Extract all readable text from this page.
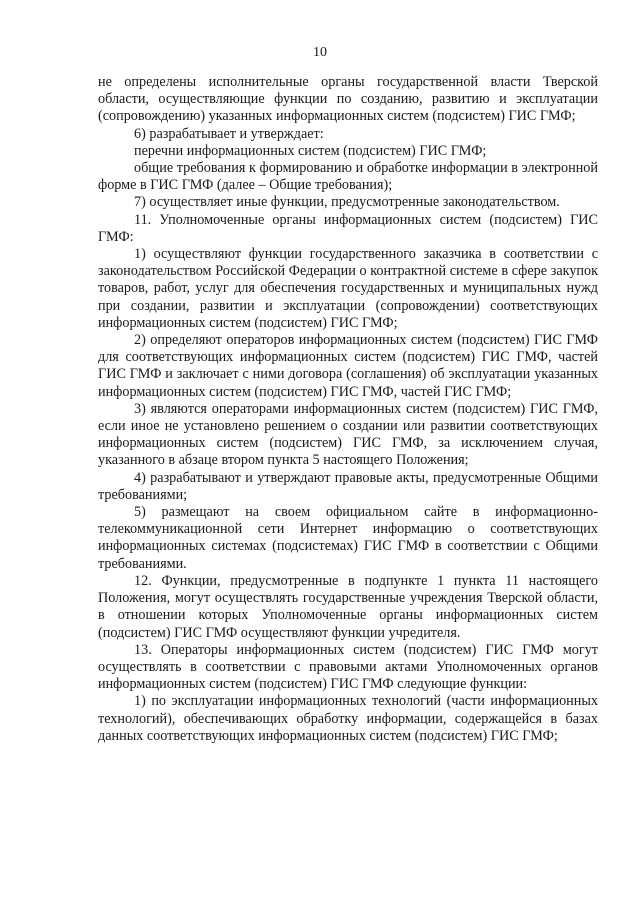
10

не определены исполнительные органы государственной власти Тверской области, осуществляющие функции по созданию, развитию и эксплуатации (сопровождению) указанных информационных систем (подсистем) ГИС ГМФ;

6) разрабатывает и утверждает:

перечни информационных систем (подсистем) ГИС ГМФ;

общие требования к формированию и обработке информации в электронной форме в ГИС ГМФ (далее – Общие требования);

7) осуществляет иные функции, предусмотренные законодательством.

11. Уполномоченные органы информационных систем (подсистем) ГИС ГМФ:

1) осуществляют функции государственного заказчика в соответствии с законодательством Российской Федерации о контрактной системе в сфере закупок товаров, работ, услуг для обеспечения государственных и муниципальных нужд при создании, развитии и эксплуатации (сопровождении) соответствующих информационных систем (подсистем) ГИС ГМФ;

2) определяют операторов информационных систем (подсистем) ГИС ГМФ для соответствующих информационных систем (подсистем) ГИС ГМФ, частей ГИС ГМФ и заключает с ними договора (соглашения) об эксплуатации указанных информационных систем (подсистем) ГИС ГМФ, частей ГИС ГМФ;

3) являются операторами информационных систем (подсистем) ГИС ГМФ, если иное не установлено решением о создании или развитии соответствующих информационных систем (подсистем) ГИС ГМФ, за исключением случая, указанного в абзаце втором пункта 5 настоящего Положения;

4) разрабатывают и утверждают правовые акты, предусмотренные Общими требованиями;

5) размещают на своем официальном сайте в информационно-телекоммуникационной сети Интернет информацию о соответствующих информационных системах (подсистемах) ГИС ГМФ в соответствии с Общими требованиями.

12. Функции, предусмотренные в подпункте 1 пункта 11 настоящего Положения, могут осуществлять государственные учреждения Тверской области, в отношении которых Уполномоченные органы информационных систем (подсистем) ГИС ГМФ осуществляют функции учредителя.

13. Операторы информационных систем (подсистем) ГИС ГМФ могут осуществлять в соответствии с правовыми актами Уполномоченных органов информационных систем (подсистем) ГИС ГМФ следующие функции:

1) по эксплуатации информационных технологий (части информационных технологий), обеспечивающих обработку информации, содержащейся в базах данных соответствующих информационных систем (подсистем) ГИС ГМФ;
